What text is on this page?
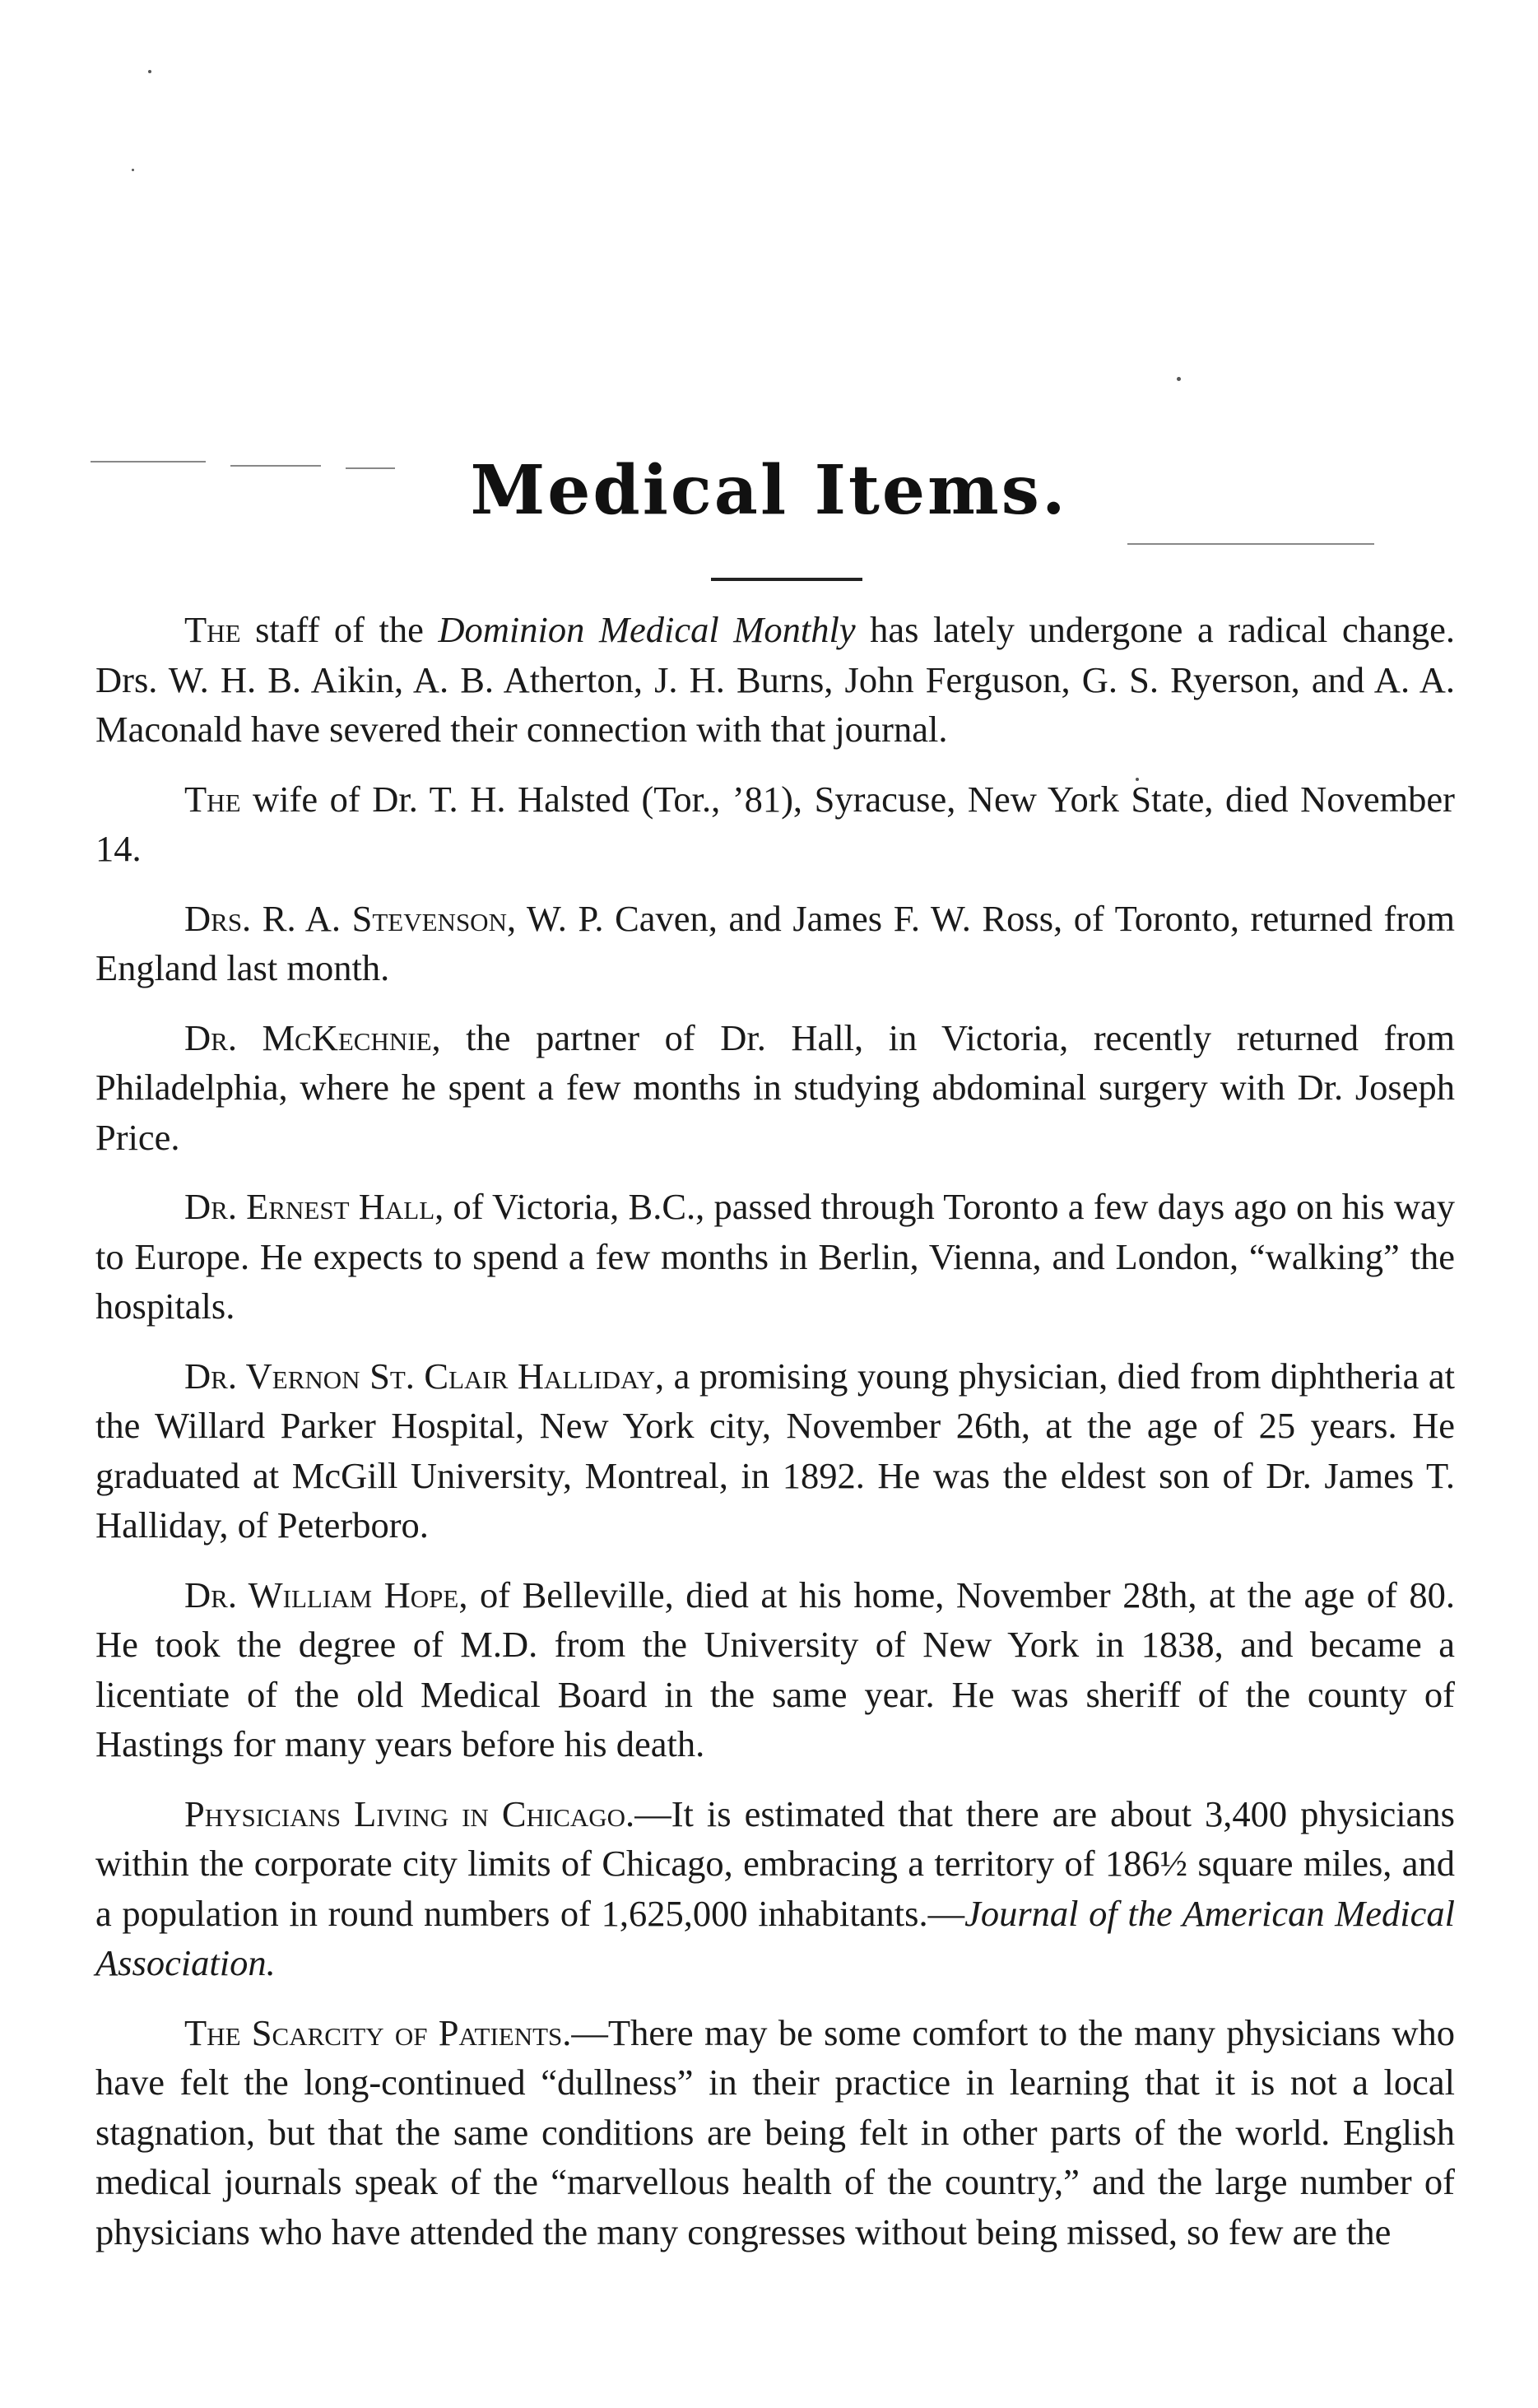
Medical Items.

The staff of the Dominion Medical Monthly has lately undergone a radical change. Drs. W. H. B. Aikin, A. B. Atherton, J. H. Burns, John Ferguson, G. S. Ryerson, and A. A. Maconald have severed their connection with that journal.

The wife of Dr. T. H. Halsted (Tor., ’81), Syracuse, New York State, died November 14.

Drs. R. A. Stevenson, W. P. Caven, and James F. W. Ross, of Toronto, returned from England last month.

Dr. McKechnie, the partner of Dr. Hall, in Victoria, recently returned from Philadelphia, where he spent a few months in studying abdominal surgery with Dr. Joseph Price.

Dr. Ernest Hall, of Victoria, B.C., passed through Toronto a few days ago on his way to Europe. He expects to spend a few months in Berlin, Vienna, and London, “walking” the hospitals.

Dr. Vernon St. Clair Halliday, a promising young physician, died from diphtheria at the Willard Parker Hospital, New York city, November 26th, at the age of 25 years. He graduated at McGill University, Montreal, in 1892. He was the eldest son of Dr. James T. Halliday, of Peterboro.

Dr. William Hope, of Belleville, died at his home, November 28th, at the age of 80. He took the degree of M.D. from the University of New York in 1838, and became a licentiate of the old Medical Board in the same year. He was sheriff of the county of Hastings for many years before his death.

Physicians Living in Chicago.—It is estimated that there are about 3,400 physicians within the corporate city limits of Chicago, embracing a territory of 186½ square miles, and a population in round numbers of 1,625,000 inhabitants.—Journal of the American Medical Association.

The Scarcity of Patients.—There may be some comfort to the many physicians who have felt the long-continued “dullness” in their practice in learning that it is not a local stagnation, but that the same conditions are being felt in other parts of the world. English medical journals speak of the “marvellous health of the country,” and the large number of physicians who have attended the many congresses without being missed, so few are the
